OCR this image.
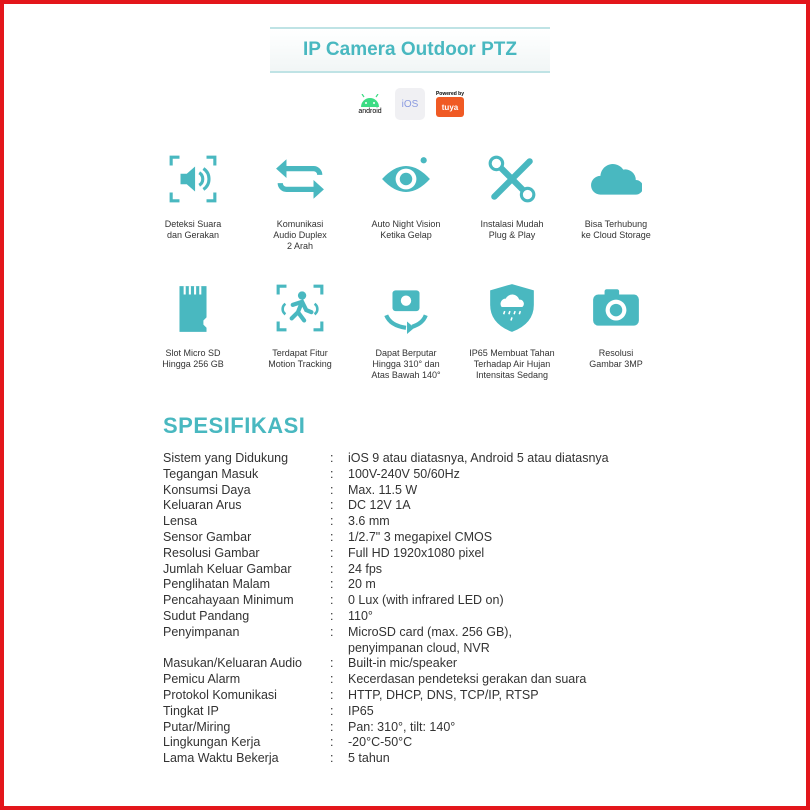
IP Camera Outdoor PTZ
android
iOS
Powered by
tuya
Deteksi Suara
dan Gerakan
Komunikasi
Audio Duplex
2 Arah
Auto Night Vision
Ketika Gelap
Instalasi Mudah
Plug & Play
Bisa Terhubung
ke Cloud Storage
Slot Micro SD
Hingga 256 GB
Terdapat Fitur
Motion Tracking
Dapat Berputar
Hingga 310° dan
Atas Bawah 140°
IP65 Membuat Tahan
Terhadap Air Hujan
Intensitas Sedang
Resolusi
Gambar 3MP
SPESIFIKASI
Sistem yang Didukung	:	iOS 9 atau diatasnya, Android 5 atau diatasnya
Tegangan Masuk	:	100V-240V 50/60Hz
Konsumsi Daya	:	Max. 11.5 W
Keluaran Arus	:	DC 12V 1A
Lensa	:	3.6 mm
Sensor Gambar	:	1/2.7" 3 megapixel CMOS
Resolusi Gambar	:	Full HD 1920x1080 pixel
Jumlah Keluar Gambar	:	24 fps
Penglihatan Malam	:	20 m
Pencahayaan Minimum	:	0 Lux (with infrared LED on)
Sudut Pandang	:	110°
Penyimpanan	:	MicroSD card (max. 256 GB),
penyimpanan cloud, NVR
Masukan/Keluaran Audio	:	Built-in mic/speaker
Pemicu Alarm	:	Kecerdasan pendeteksi gerakan dan suara
Protokol Komunikasi	:	HTTP, DHCP, DNS, TCP/IP, RTSP
Tingkat IP	:	IP65
Putar/Miring	:	Pan: 310°, tilt: 140°
Lingkungan Kerja	:	-20°C-50°C
Lama Waktu Bekerja	:	5 tahun
